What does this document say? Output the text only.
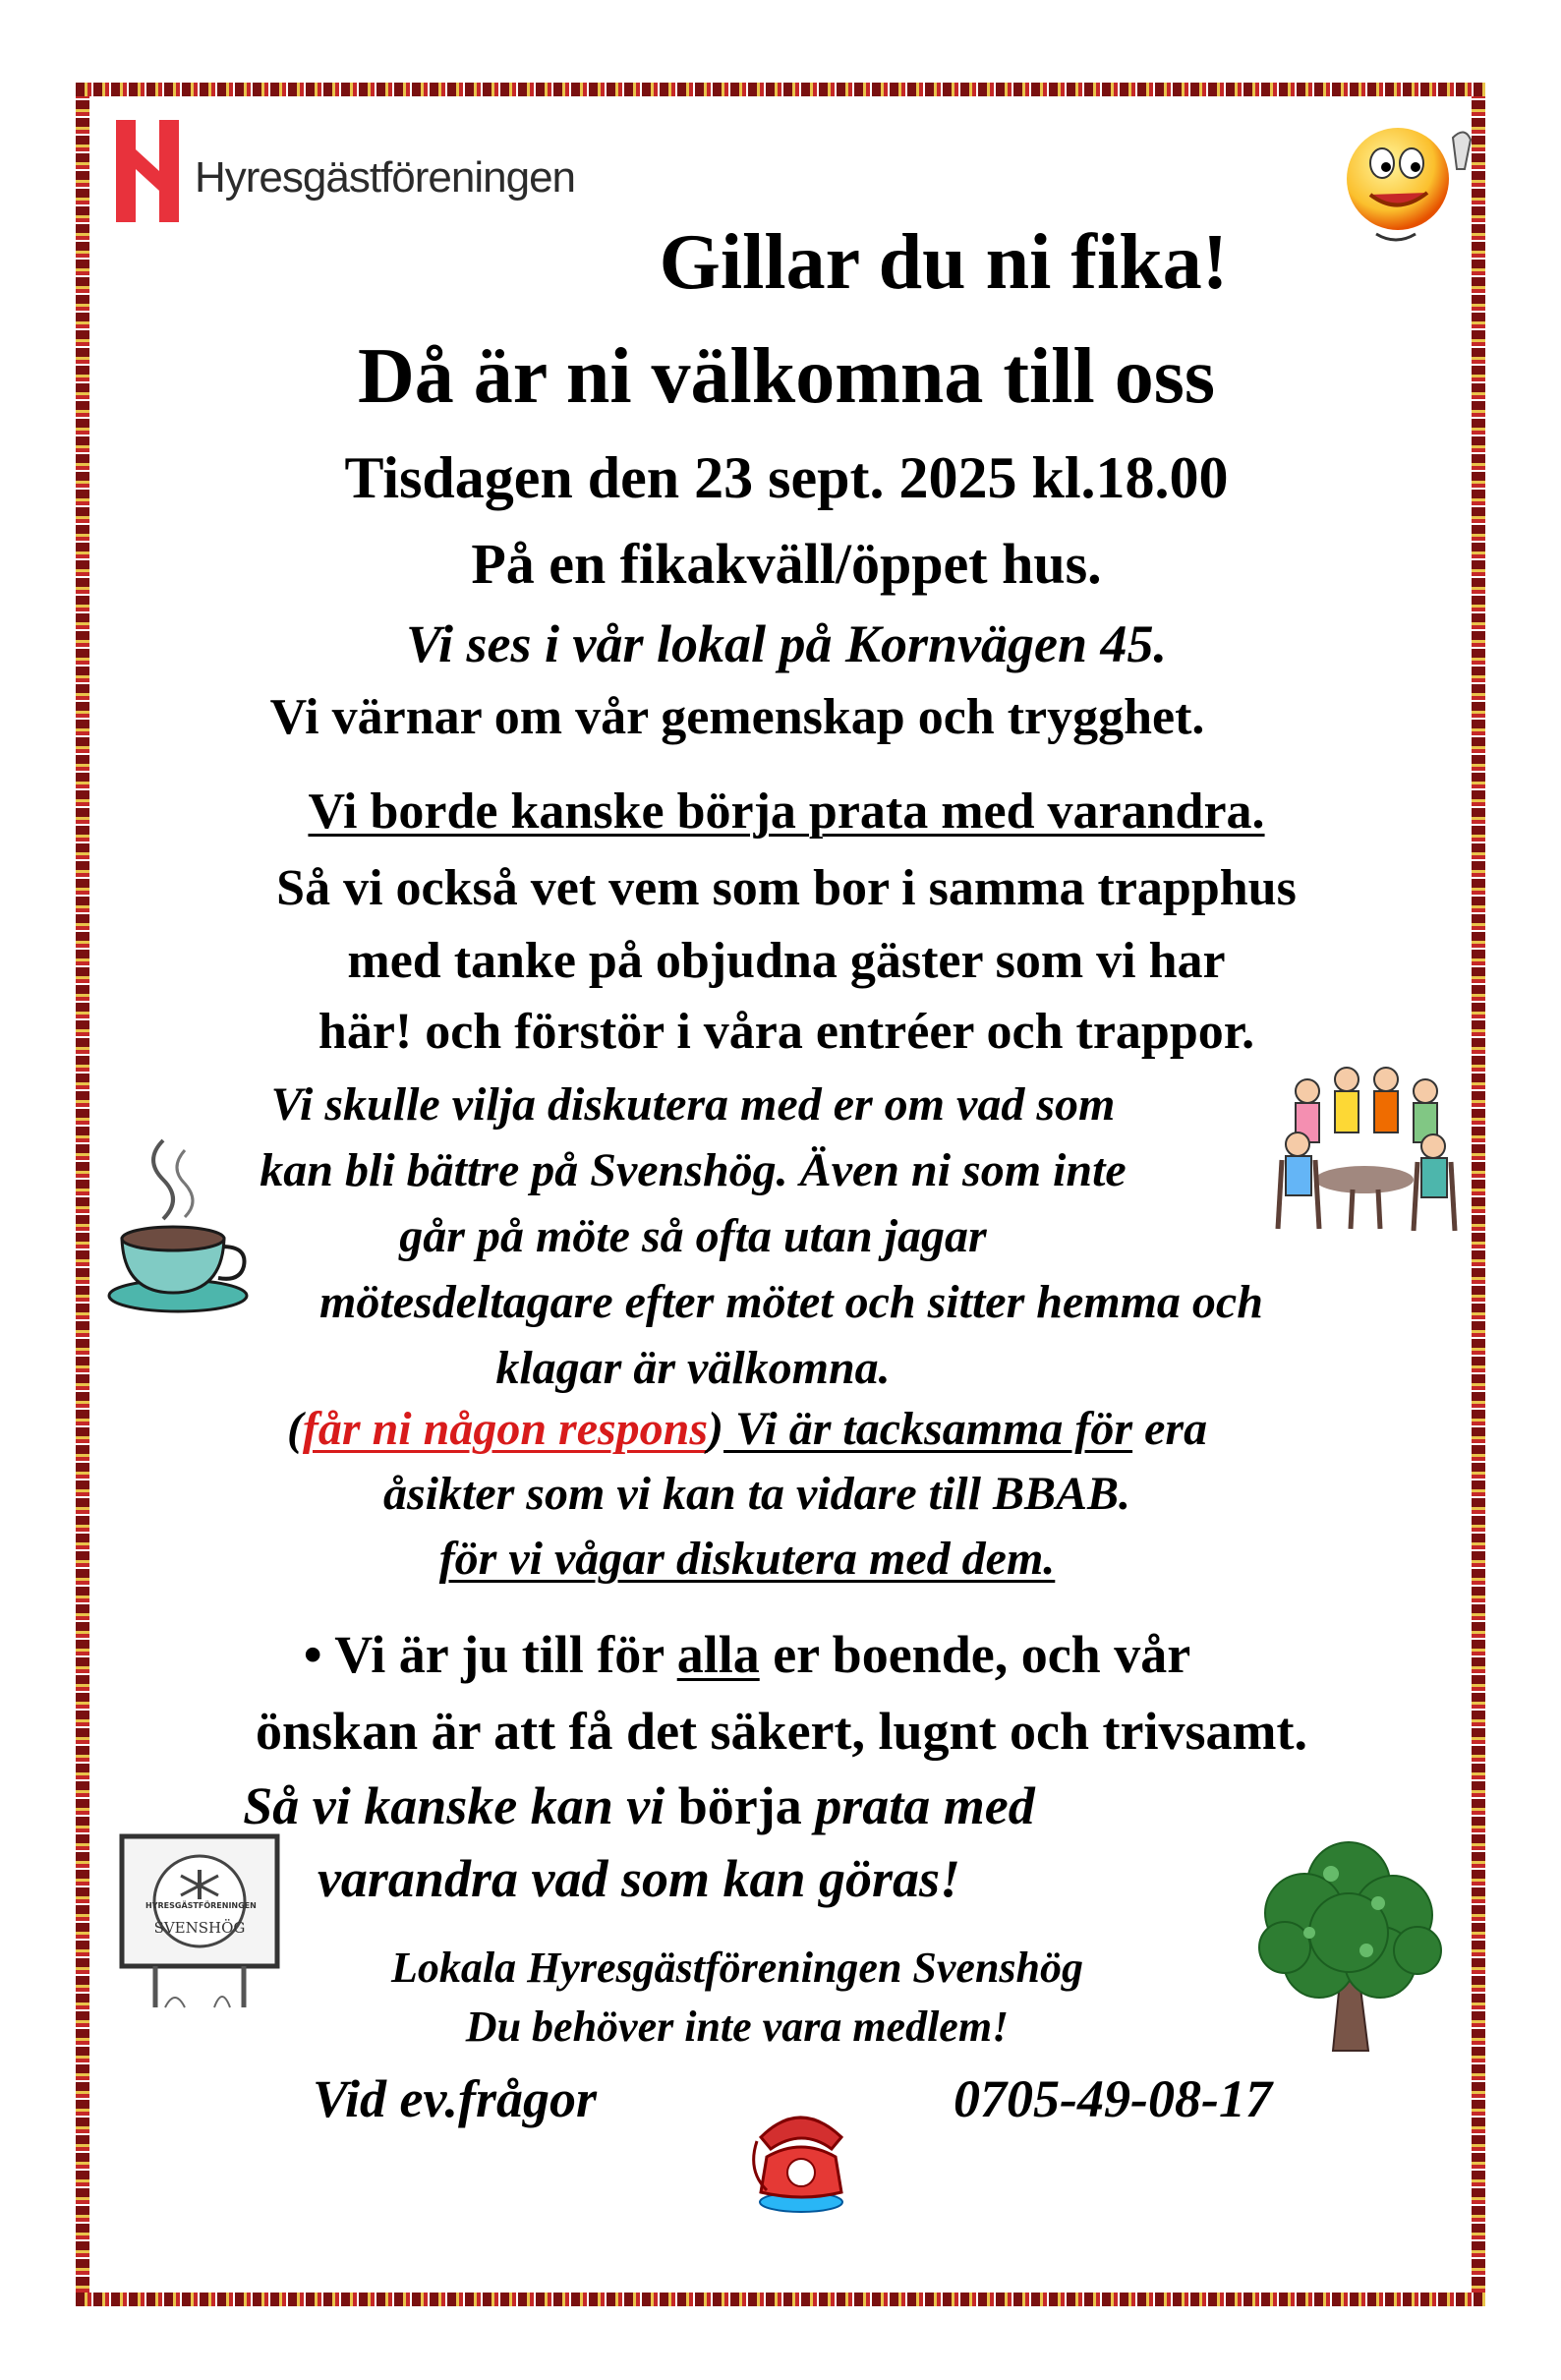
Hyresgästföreningen
Gillar du ni fika!
Då är ni välkomna till oss
Tisdagen den 23 sept. 2025 kl.18.00
På en fikakväll/öppet hus.
Vi ses i vår lokal på Kornvägen 45.
Vi värnar om vår gemenskap och trygghet.
Vi borde kanske börja prata med varandra.
Så vi också vet vem som bor i samma trapphus
med tanke på objudna gäster som vi har
här! och förstör i våra entréer och trappor.
Vi skulle vilja diskutera med er om vad som
kan bli bättre på Svenshög. Även ni som inte
går på möte så ofta utan jagar
mötesdeltagare efter mötet och sitter hemma och
klagar är välkomna.
(får ni någon respons) Vi är tacksamma för era
åsikter som vi kan ta vidare till BBAB.
för vi vågar diskutera med dem.
• Vi är ju till för alla er boende, och vår
önskan är att få det säkert, lugnt och trivsamt.
Så vi kanske kan vi börja prata med
varandra vad som kan göras!
HYRESGÄSTFÖRENINGEN
SVENSHÖG
Lokala Hyresgästföreningen Svenshög
Du behöver inte vara medlem!
Vid ev.frågor	0705-49-08-17
